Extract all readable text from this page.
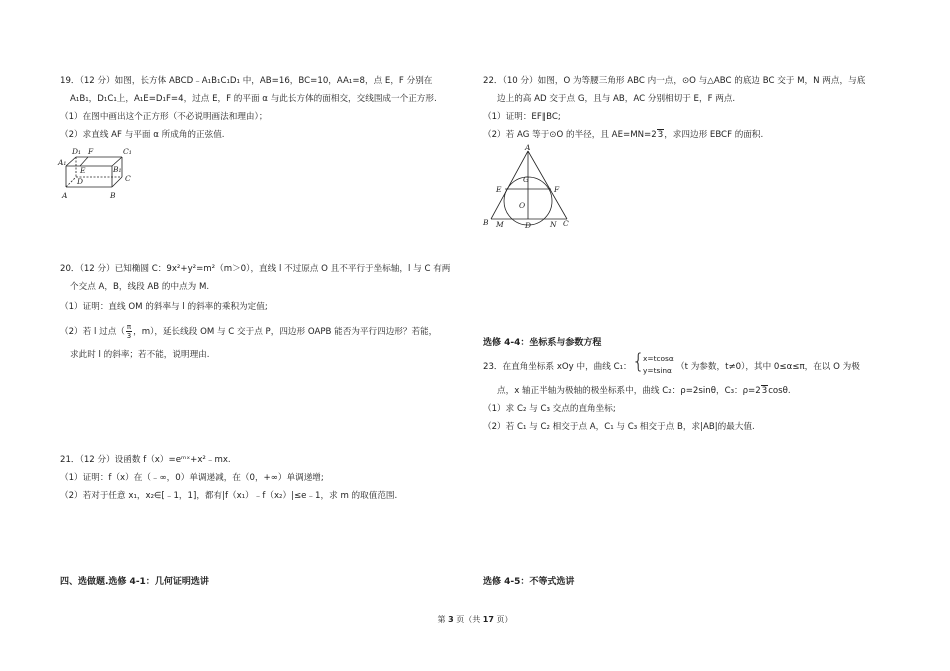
19．（12 分）如图，长方体 ABCD﹣A₁B₁C₁D₁ 中，AB=16，BC=10，AA₁=8，点 E，F 分别在
A₁B₁，D₁C₁上，A₁E=D₁F=4，过点 E，F 的平面 α 与此长方体的面相交，交线围成一个正方形.
（1）在图中画出这个正方形（不必说明画法和理由）；
（2）求直线 AF 与平面 α 所成角的正弦值.
D₁ F	C₁
A₁
E	B₁
D	C
A	B
20．（12 分）已知椭圆 C：9x²+y²=m²（m＞0），直线 l 不过原点 O 且不平行于坐标轴，l 与 C 有两
个交点 A，B，线段 AB 的中点为 M.
（1）证明：直线 OM 的斜率与 l 的斜率的乘积为定值;
（2）若 l 过点（ $\frac{\pi}{3}$ ，m），延长线段 OM 与 C 交于点 P，四边形 OAPB 能否为平行四边形？若能，
求此时 l 的斜率；若不能，说明理由.
21．（12 分）设函数 f（x）=eᵐˣ+x²﹣mx.
（1）证明：f（x）在（﹣∞，0）单调递减，在（0，+∞）单调递增;
（2）若对于任意 x₁，x₂∈[﹣1，1]，都有|f（x₁）﹣f（x₂）|≤e﹣1，求 m 的取值范围.
四、选做题.选修 4-1：几何证明选讲
22．（10 分）如图，O 为等腰三角形 ABC 内一点，⊙O 与△ABC 的底边 BC 交于 M，N 两点，与底
边上的高 AD 交于点 G，且与 AB，AC 分别相切于 E，F 两点.
（1）证明：EF∥BC;
（2）若 AG 等于⊙O 的半径，且 AE=MN=23，求四边形 EBCF 的面积.
A
G
E	F
O
B M	D	N C
选修 4-4：坐标系与参数方程
23．在直角坐标系 xOy 中，曲线 C₁： {
x=tcosα
y=tsinα （t 为参数，t≠0），其中 0≤α≤π，在以 O 为极
点，x 轴正半轴为极轴的极坐标系中，曲线 C₂：ρ=2sinθ，C₃：ρ=23cosθ.
（1）求 C₂ 与 C₃ 交点的直角坐标;
（2）若 C₁ 与 C₂ 相交于点 A，C₁ 与 C₃ 相交于点 B，求|AB|的最大值.
选修 4-5：不等式选讲
第 3 页（共 17 页）
